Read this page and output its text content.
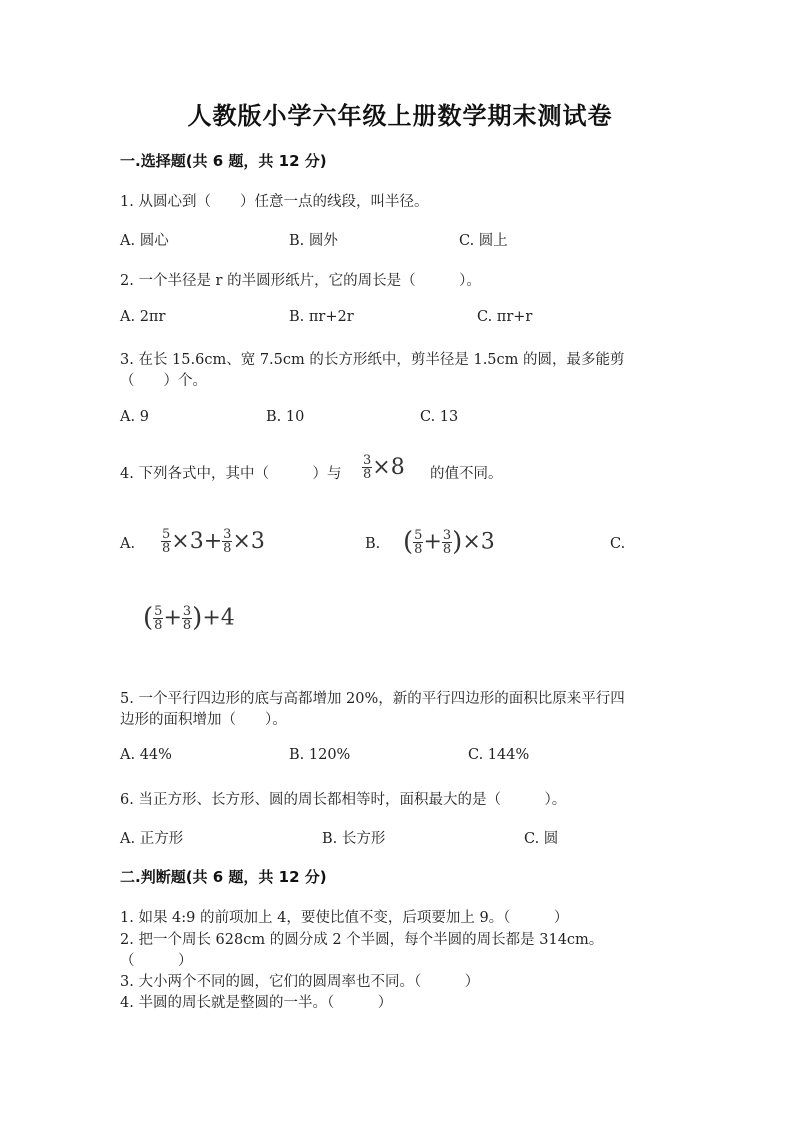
人教版小学六年级上册数学期末测试卷
一.选择题(共 6 题，共 12 分)
1. 从圆心到（　　）任意一点的线段，叫半径。
A. 圆心	B. 圆外	C. 圆上
2. 一个半径是 r 的半圆形纸片，它的周长是（　　　）。
A. 2πr	B. πr+2r	C. πr+r
3. 在长 15.6cm、宽 7.5cm 的长方形纸中，剪半径是 1.5cm 的圆，最多能剪
（　　）个。
A. 9	B. 10	C. 13
4. 下列各式中，其中（　　　）与 $\frac{3}{8} \times 8$ 的值不同。
A. $\frac{5}{8} \times 3+ \frac{3}{8} \times 3$	B. ( $\frac{5}{8} + \frac{3}{8} )\times 3$	C.
( $\frac{5}{8} + \frac{3}{8} )+4$
5. 一个平行四边形的底与高都增加 20%，新的平行四边形的面积比原来平行四
边形的面积增加（　　）。
A. 44%	B. 120%	C. 144%
6. 当正方形、长方形、圆的周长都相等时，面积最大的是（　　　）。
A. 正方形	B. 长方形	C. 圆
二.判断题(共 6 题，共 12 分)
1. 如果 4:9 的前项加上 4，要使比值不变，后项要加上 9。（　　　）
2. 把一个周长 628cm 的圆分成 2 个半圆，每个半圆的周长都是 314cm。
（　　　）
3. 大小两个不同的圆，它们的圆周率也不同。（　　　）
4. 半圆的周长就是整圆的一半。（　　　）
